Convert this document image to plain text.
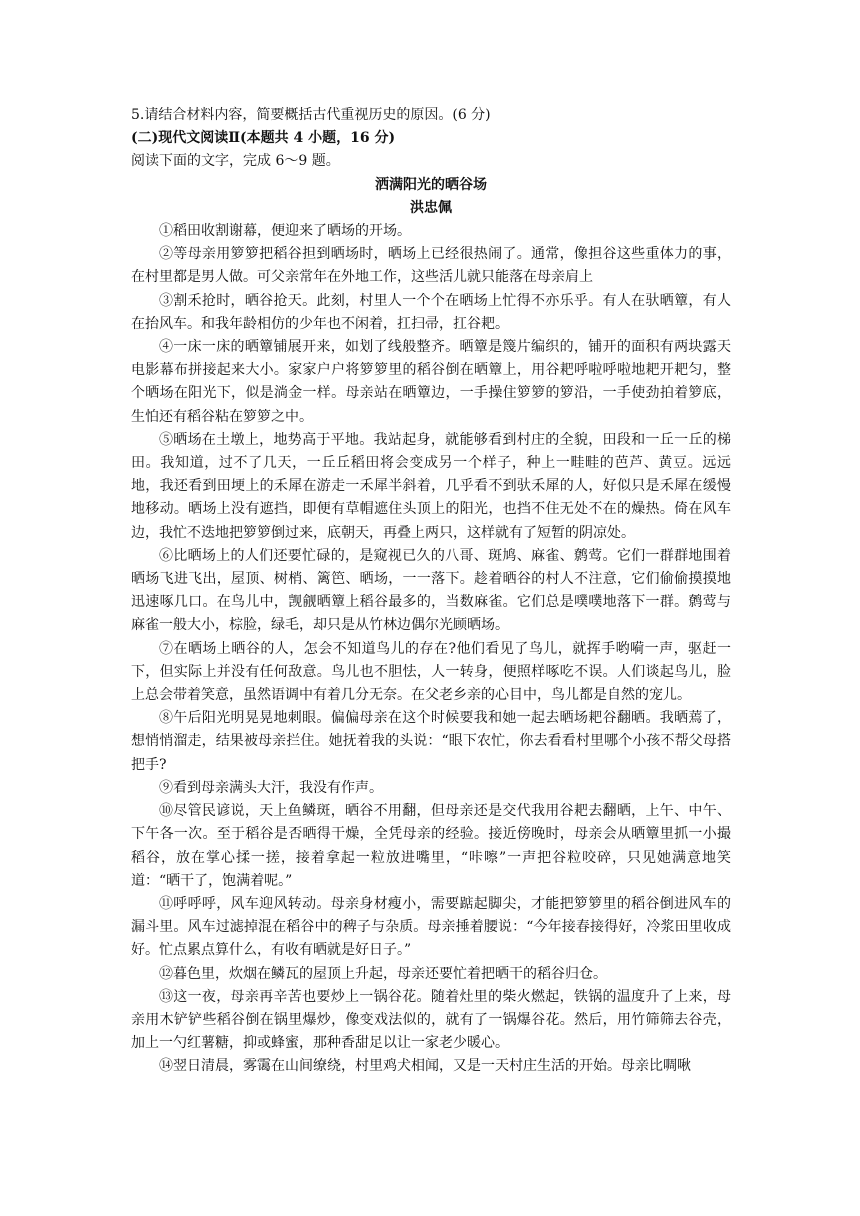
5.请结合材料内容，简要概括古代重视历史的原因。(6 分)

(二)现代文阅读Ⅱ(本题共 4 小题，16 分)

阅读下面的文字，完成 6～9 题。

洒满阳光的晒谷场

洪忠佩

①稻田收割谢幕，便迎来了晒场的开场。

②等母亲用箩箩把稻谷担到晒场时，晒场上已经很热闹了。通常，像担谷这些重体力的事，在村里都是男人做。可父亲常年在外地工作，这些活儿就只能落在母亲肩上

③割禾抢时，晒谷抢天。此刻，村里人一个个在晒场上忙得不亦乐乎。有人在驮晒簟，有人在抬风车。和我年龄相仿的少年也不闲着，扛扫帚，扛谷耙。

④一床一床的晒簟铺展开来，如划了线般整齐。晒簟是篾片编织的，铺开的面积有两块露天电影幕布拼接起来大小。家家户户将箩箩里的稻谷倒在晒簟上，用谷耙呼啦呼啦地耙开耙匀，整个晒场在阳光下，似是淌金一样。母亲站在晒簟边，一手操住箩箩的箩沿，一手使劲拍着箩底，生怕还有稻谷粘在箩箩之中。

⑤晒场在土墩上，地势高于平地。我站起身，就能够看到村庄的全貌，田段和一丘一丘的梯田。我知道，过不了几天，一丘丘稻田将会变成另一个样子，种上一畦畦的芭芦、黄豆。远远地，我还看到田埂上的禾犀在游走一禾犀半斜着，几乎看不到驮禾犀的人，好似只是禾犀在缓慢地移动。晒场上没有遮挡，即便有草帽遮住头顶上的阳光，也挡不住无处不在的燥热。倚在风车边，我忙不迭地把箩箩倒过来，底朝天，再叠上两只，这样就有了短暂的阴凉处。

⑥比晒场上的人们还要忙碌的，是窥视已久的八哥、斑鸠、麻雀、鹩莺。它们一群群地围着晒场飞进飞出，屋顶、树梢、篱笆、晒场，一一落下。趁着晒谷的村人不注意，它们偷偷摸摸地迅速啄几口。在鸟儿中，觊觎晒簟上稻谷最多的，当数麻雀。它们总是噗噗地落下一群。鹩莺与麻雀一般大小，棕脸，绿毛，却只是从竹林边偶尔光顾晒场。

⑦在晒场上晒谷的人，怎会不知道鸟儿的存在?他们看见了鸟儿，就挥手哟嗬一声，驱赶一下，但实际上并没有任何敌意。鸟儿也不胆怯，人一转身，便照样啄吃不误。人们谈起鸟儿，脸上总会带着笑意，虽然语调中有着几分无奈。在父老乡亲的心目中，鸟儿都是自然的宠儿。

⑧午后阳光明晃晃地刺眼。偏偏母亲在这个时候要我和她一起去晒场耙谷翻晒。我晒蔫了，想悄悄溜走，结果被母亲拦住。她抚着我的头说：“眼下农忙，你去看看村里哪个小孩不帮父母搭把手?

⑨看到母亲满头大汗，我没有作声。

⑩尽管民谚说，天上鱼鳞斑，晒谷不用翻，但母亲还是交代我用谷耙去翻晒，上午、中午、下午各一次。至于稻谷是否晒得干燥，全凭母亲的经验。接近傍晚时，母亲会从晒簟里抓一小撮稻谷，放在掌心揉一搓，接着拿起一粒放进嘴里，“咔嚓”一声把谷粒咬碎，只见她满意地笑道：“晒干了，饱满着呢。”

⑪呼呼呼，风车迎风转动。母亲身材瘦小，需要踮起脚尖，才能把箩箩里的稻谷倒进风车的漏斗里。风车过滤掉混在稻谷中的稗子与杂质。母亲捶着腰说：“今年接春接得好，冷浆田里收成好。忙点累点算什么，有收有晒就是好日子。”

⑫暮色里，炊烟在鳞瓦的屋顶上升起，母亲还要忙着把晒干的稻谷归仓。

⑬这一夜，母亲再辛苦也要炒上一锅谷花。随着灶里的柴火燃起，铁锅的温度升了上来，母亲用木铲铲些稻谷倒在锅里爆炒，像变戏法似的，就有了一锅爆谷花。然后，用竹筛筛去谷壳，加上一勺红薯糖，抑或蜂蜜，那种香甜足以让一家老少暖心。

⑭翌日清晨，雾霭在山间缭绕，村里鸡犬相闻，又是一天村庄生活的开始。母亲比啁啾
